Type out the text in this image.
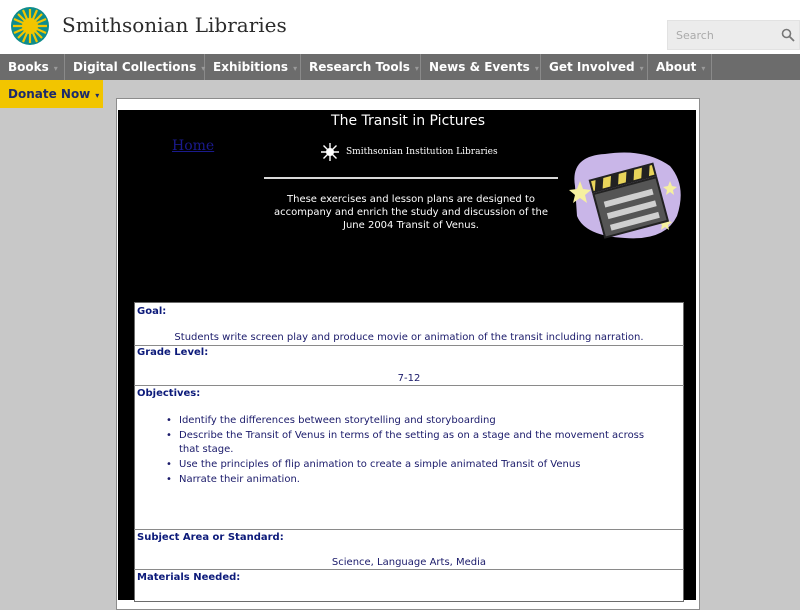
Smithsonian Libraries	Search
Books ▾	Digital Collections ▾ Exhibitions ▾ Research Tools ▾ News & Events ▾ Get Involved ▾	About ▾
Donate Now ▾
The Transit in Pictures
Home	Smithsonian Institution Libraries
These exercises and lesson plans are designed to accompany and enrich the study and discussion of the June 2004 Transit of Venus.
Goal:
Students write screen play and produce movie or animation of the transit including narration.
Grade Level:
7-12
Objectives:
• Identify the differences between storytelling and storyboarding
• Describe the Transit of Venus in terms of the setting as on a stage and the movement across that stage.
• Use the principles of flip animation to create a simple animated Transit of Venus
• Narrate their animation.
Subject Area or Standard:
Science, Language Arts, Media
Materials Needed:
